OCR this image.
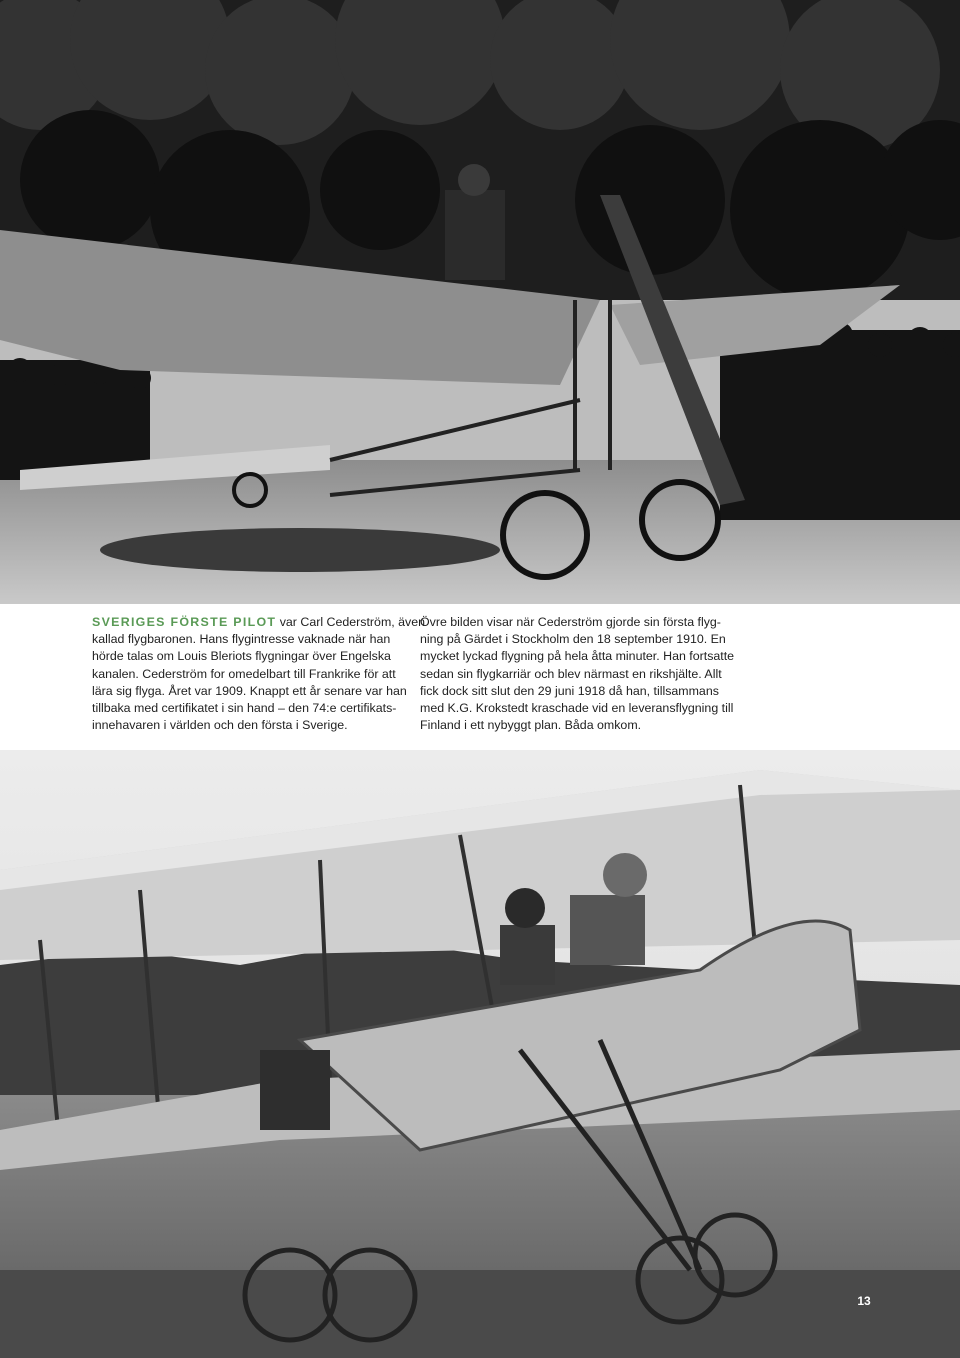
SVERIGES FÖRSTE PILOT var Carl Cederström, även
kallad flygbaronen. Hans flygintresse vaknade när han
hörde talas om Louis Bleriots flygningar över Engelska
kanalen. Cederström for omedelbart till Frankrike för att
lära sig flyga. Året var 1909. Knappt ett år senare var han
tillbaka med certifikatet i sin hand – den 74:e certifikats-
innehavaren i världen och den första i Sverige.

Övre bilden visar när Cederström gjorde sin första flyg-
ning på Gärdet i Stockholm den 18 september 1910. En
mycket lyckad flygning på hela åtta minuter. Han fortsatte
sedan sin flygkarriär och blev närmast en rikshjälte. Allt
fick dock sitt slut den 29 juni 1918 då han, tillsammans
med K.G. Krokstedt kraschade vid en leveransflygning till
Finland i ett nybyggt plan. Båda omkom.

13
